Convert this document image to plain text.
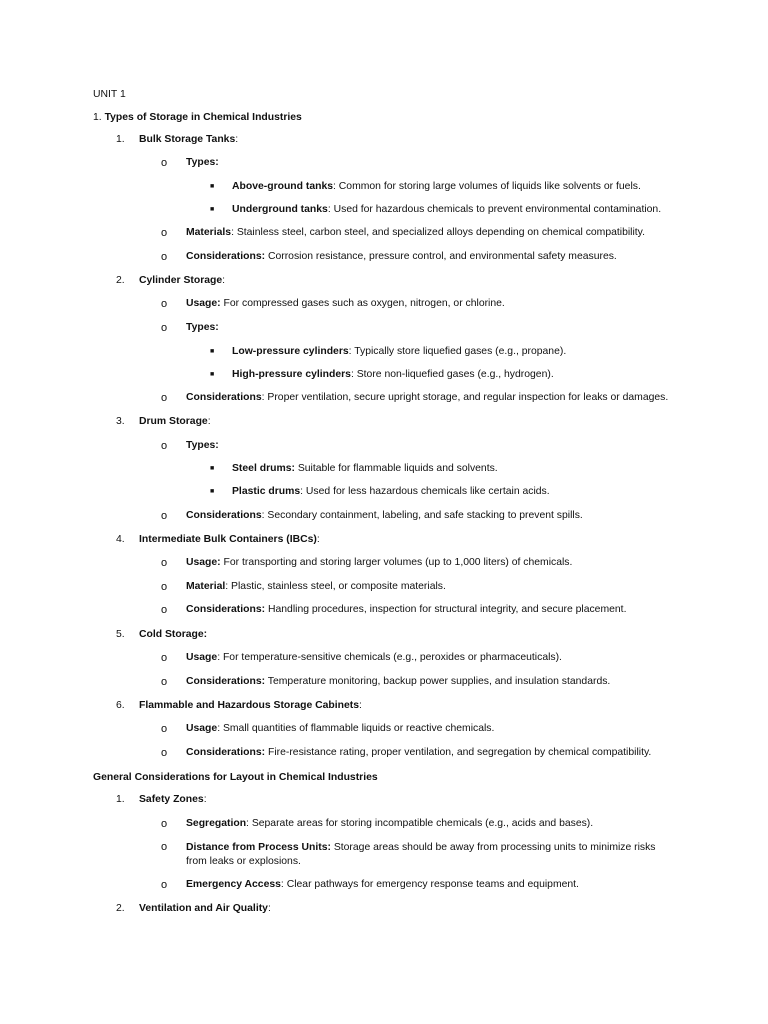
UNIT 1
1. Types of Storage in Chemical Industries
1. Bulk Storage Tanks:
o Types:
■ Above-ground tanks: Common for storing large volumes of liquids like solvents or fuels.
■ Underground tanks: Used for hazardous chemicals to prevent environmental contamination.
o Materials: Stainless steel, carbon steel, and specialized alloys depending on chemical compatibility.
o Considerations: Corrosion resistance, pressure control, and environmental safety measures.
2. Cylinder Storage:
o Usage: For compressed gases such as oxygen, nitrogen, or chlorine.
o Types:
■ Low-pressure cylinders: Typically store liquefied gases (e.g., propane).
■ High-pressure cylinders: Store non-liquefied gases (e.g., hydrogen).
o Considerations: Proper ventilation, secure upright storage, and regular inspection for leaks or damages.
3. Drum Storage:
o Types:
■ Steel drums: Suitable for flammable liquids and solvents.
■ Plastic drums: Used for less hazardous chemicals like certain acids.
o Considerations: Secondary containment, labeling, and safe stacking to prevent spills.
4. Intermediate Bulk Containers (IBCs):
o Usage: For transporting and storing larger volumes (up to 1,000 liters) of chemicals.
o Material: Plastic, stainless steel, or composite materials.
o Considerations: Handling procedures, inspection for structural integrity, and secure placement.
5. Cold Storage:
o Usage: For temperature-sensitive chemicals (e.g., peroxides or pharmaceuticals).
o Considerations: Temperature monitoring, backup power supplies, and insulation standards.
6. Flammable and Hazardous Storage Cabinets:
o Usage: Small quantities of flammable liquids or reactive chemicals.
o Considerations: Fire-resistance rating, proper ventilation, and segregation by chemical compatibility.
General Considerations for Layout in Chemical Industries
1. Safety Zones:
o Segregation: Separate areas for storing incompatible chemicals (e.g., acids and bases).
o Distance from Process Units: Storage areas should be away from processing units to minimize risks from leaks or explosions.
o Emergency Access: Clear pathways for emergency response teams and equipment.
2. Ventilation and Air Quality:
